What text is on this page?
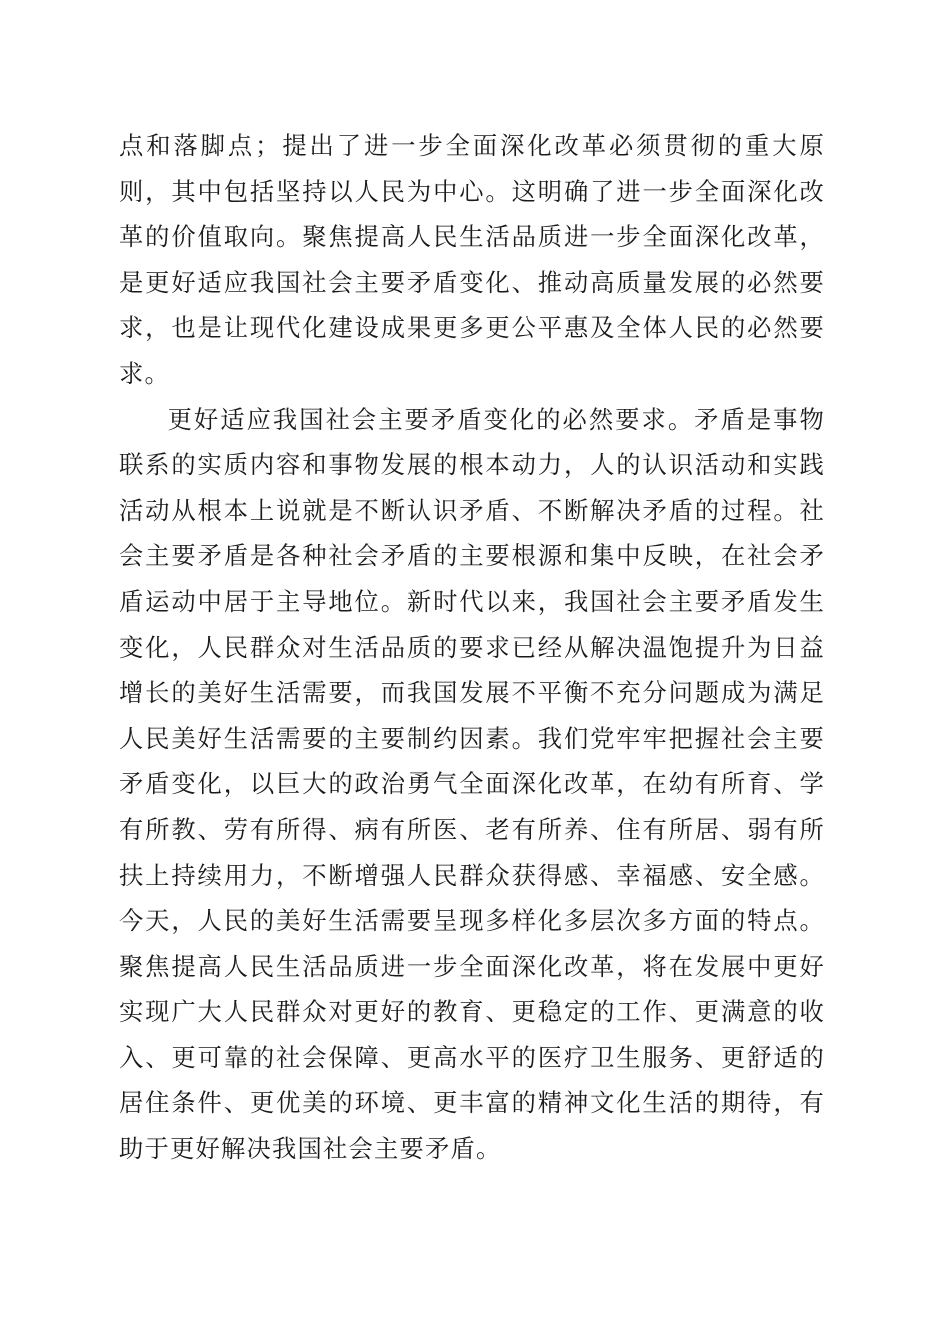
点和落脚点；提出了进一步全面深化改革必须贯彻的重大原则，其中包括坚持以人民为中心。这明确了进一步全面深化改革的价值取向。聚焦提高人民生活品质进一步全面深化改革，是更好适应我国社会主要矛盾变化、推动高质量发展的必然要求，也是让现代化建设成果更多更公平惠及全体人民的必然要求。

更好适应我国社会主要矛盾变化的必然要求。矛盾是事物联系的实质内容和事物发展的根本动力，人的认识活动和实践活动从根本上说就是不断认识矛盾、不断解决矛盾的过程。社会主要矛盾是各种社会矛盾的主要根源和集中反映，在社会矛盾运动中居于主导地位。新时代以来，我国社会主要矛盾发生变化，人民群众对生活品质的要求已经从解决温饱提升为日益增长的美好生活需要，而我国发展不平衡不充分问题成为满足人民美好生活需要的主要制约因素。我们党牢牢把握社会主要矛盾变化，以巨大的政治勇气全面深化改革，在幼有所育、学有所教、劳有所得、病有所医、老有所养、住有所居、弱有所扶上持续用力，不断增强人民群众获得感、幸福感、安全感。今天，人民的美好生活需要呈现多样化多层次多方面的特点。聚焦提高人民生活品质进一步全面深化改革，将在发展中更好实现广大人民群众对更好的教育、更稳定的工作、更满意的收入、更可靠的社会保障、更高水平的医疗卫生服务、更舒适的居住条件、更优美的环境、更丰富的精神文化生活的期待，有助于更好解决我国社会主要矛盾。
